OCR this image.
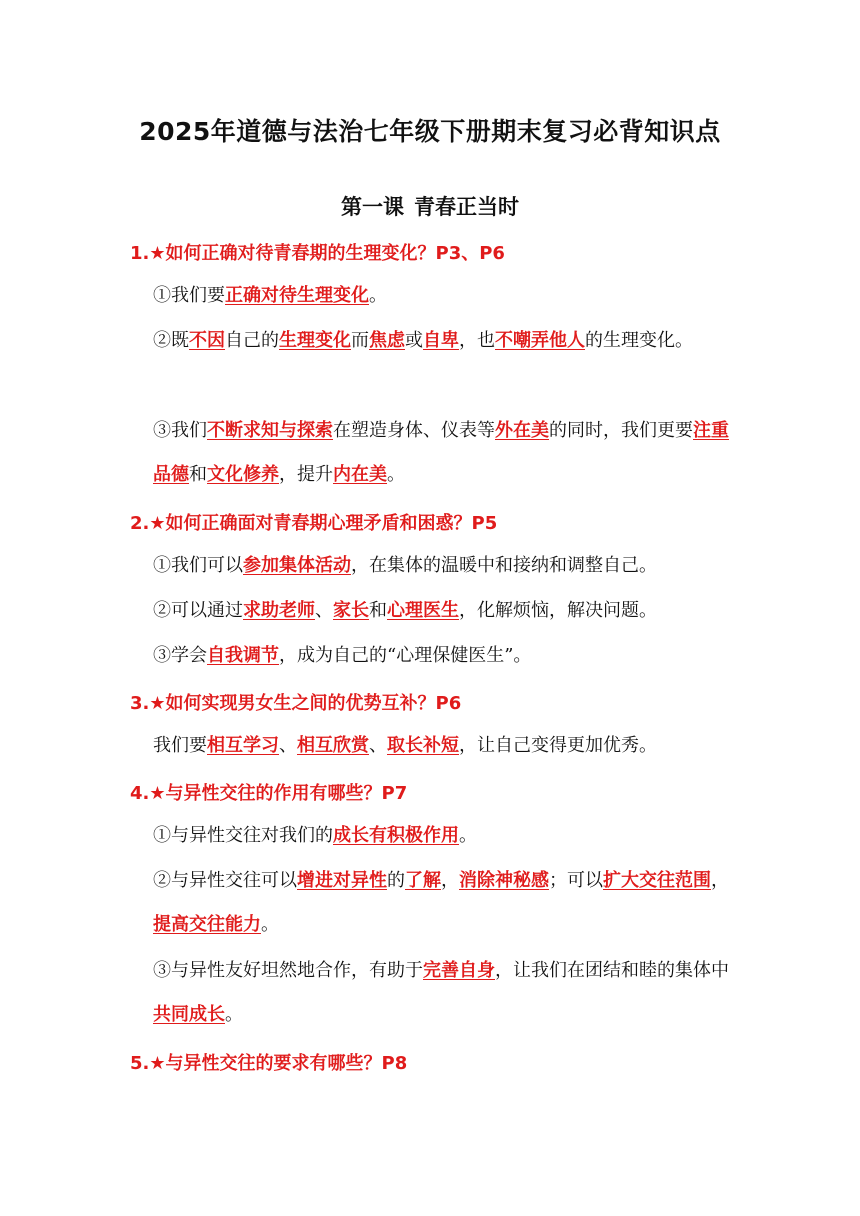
2025年道德与法治七年级下册期末复习必背知识点
第一课 青春正当时
1.★如何正确对待青春期的生理变化？P3、P6
①我们要正确对待生理变化。
②既不因自己的生理变化而焦虑或自卑，也不嘲弄他人的生理变化。
③我们不断求知与探索在塑造身体、仪表等外在美的同时，我们更要注重品德和文化修养，提升内在美。
2.★如何正确面对青春期心理矛盾和困惑？P5
①我们可以参加集体活动，在集体的温暖中和接纳和调整自己。
②可以通过求助老师、家长和心理医生，化解烦恼，解决问题。
③学会自我调节，成为自己的“心理保健医生”。
3.★如何实现男女生之间的优势互补？P6
我们要相互学习、相互欣赏、取长补短，让自己变得更加优秀。
4.★与异性交往的作用有哪些？P7
①与异性交往对我们的成长有积极作用。
②与异性交往可以增进对异性的了解，消除神秘感；可以扩大交往范围，提高交往能力。
③与异性友好坦然地合作，有助于完善自身，让我们在团结和睦的集体中共同成长。
5.★与异性交往的要求有哪些？P8
